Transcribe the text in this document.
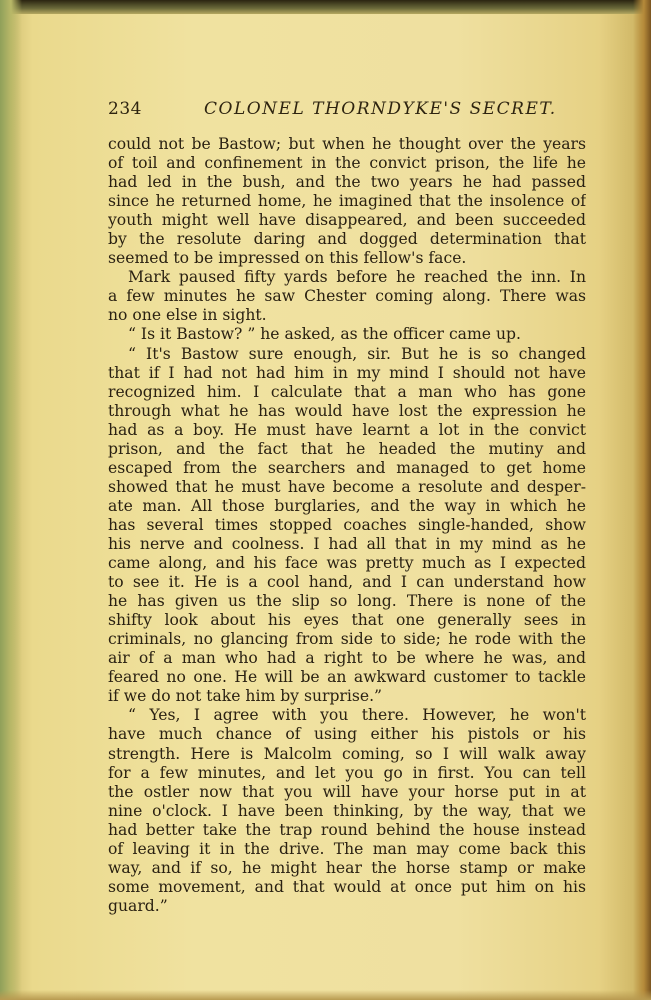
234	COLONEL THORNDYKE'S SECRET.
could not be Bastow; but when he thought over the years
of toil and confinement in the convict prison, the life he
had led in the bush, and the two years he had passed
since he returned home, he imagined that the insolence of
youth might well have disappeared, and been succeeded
by the resolute daring and dogged determination that
seemed to be impressed on this fellow's face.
Mark paused fifty yards before he reached the inn. In
a few minutes he saw Chester coming along. There was
no one else in sight.
“ Is it Bastow? ” he asked, as the officer came up.
“ It's Bastow sure enough, sir. But he is so changed
that if I had not had him in my mind I should not have
recognized him. I calculate that a man who has gone
through what he has would have lost the expression he
had as a boy. He must have learnt a lot in the convict
prison, and the fact that he headed the mutiny and
escaped from the searchers and managed to get home
showed that he must have become a resolute and desper-
ate man. All those burglaries, and the way in which he
has several times stopped coaches single-handed, show
his nerve and coolness. I had all that in my mind as he
came along, and his face was pretty much as I expected
to see it. He is a cool hand, and I can understand how
he has given us the slip so long. There is none of the
shifty look about his eyes that one generally sees in
criminals, no glancing from side to side; he rode with the
air of a man who had a right to be where he was, and
feared no one. He will be an awkward customer to tackle
if we do not take him by surprise.”
“ Yes, I agree with you there. However, he won't
have much chance of using either his pistols or his
strength. Here is Malcolm coming, so I will walk away
for a few minutes, and let you go in first. You can tell
the ostler now that you will have your horse put in at
nine o'clock. I have been thinking, by the way, that we
had better take the trap round behind the house instead
of leaving it in the drive. The man may come back this
way, and if so, he might hear the horse stamp or make
some movement, and that would at once put him on his
guard.”
